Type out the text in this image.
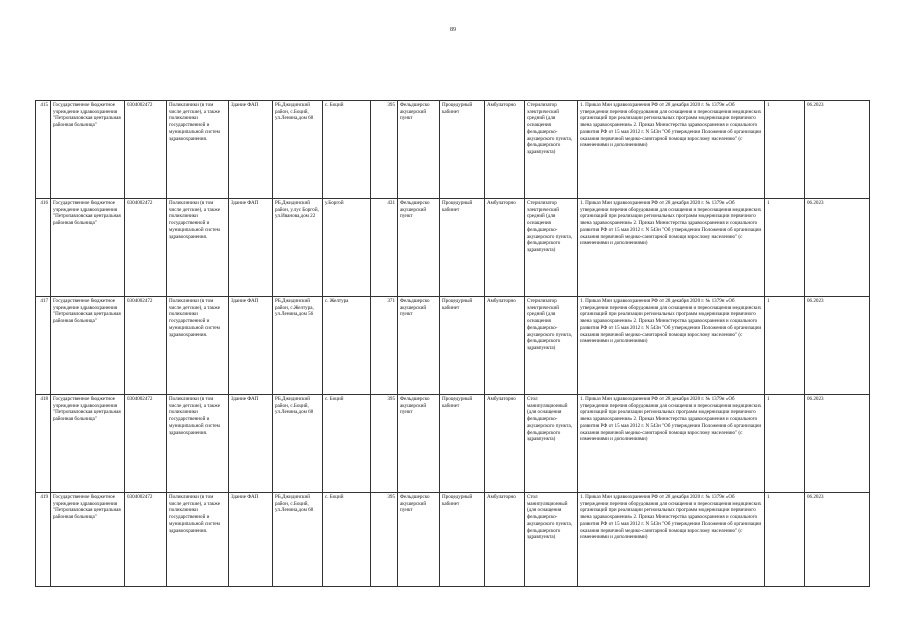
89
415	Государственное бюджетное учреждение здравоохранения "Петропавловская центральная районная больница"	0304002472	Поликлиники (в том числе детские), а также поликлиники государственной и муниципальной систем здравоохранения.	Здание ФАП	РБ,Джидинский район, с.Бoций, ул.Ленина,дом 68	с. Бoций	395	Фельдшерско акушерский пункт	Процедурный кабинет	Амбулаторно	Стерилизатор электрический средний (для оснащения фельдшерско-акушерского пункта, фельдшерского здравпункта)	1. Приказ Мин здравоохранения РФ от 28 декабря 2020 г. № 1379н «Об утверждении перечня оборудования для оснащения и переоснащения медицинских организаций при реализации региональных программ модернизации первичного звена здравоохранения» 2. Приказ Министерства здравоохранения и социального развития РФ от 15 мая 2012 г. N 543н "Об утверждении Положения об организации оказания первичной медико-санитарной помощи взрослому населению" (с изменениями и дополнениями)	1	06.2023
416	Государственное бюджетное учреждение здравоохранения "Петропавловская центральная районная больница"	0304002472	Поликлиники (в том числе детские), а также поликлиники государственной и муниципальной систем здравоохранения.	Здание ФАП	РБ,Джидинский район, у.лус Боргой, ул.Ивановa,дом 22	у.Боргой	431	Фельдшерско акушерский пункт	Процедурный кабинет	Амбулаторно	Стерилизатор электрический средний (для оснащения фельдшерско-акушерского пункта, фельдшерского здравпункта)	1. Приказ Мин здравоохранения РФ от 28 декабря 2020 г. № 1379н «Об утверждении перечня оборудования для оснащения и переоснащения медицинских организаций при реализации региональных программ модернизации первичного звена здравоохранения» 2. Приказ Министерства здравоохранения и социального развития РФ от 15 мая 2012 г. N 543н "Об утверждении Положения об организации оказания первичной медико-санитарной помощи взрослому населению" (с изменениями и дополнениями)	1	06.2023
417	Государственное бюджетное учреждение здравоохранения "Петропавловская центральная районная больница"	0304002472	Поликлиники (в том числе детские), а также поликлиники государственной и муниципальной систем здравоохранения.	Здание ФАП	РБ,Джидинский район, с.Желтура, ул.Ленина,дом 56	с. Желтура	371	Фельдшерско акушерский пункт	Процедурный кабинет	Амбулаторно	Стерилизатор электрический средний (для оснащения фельдшерско-акушерского пункта, фельдшерского здравпункта)	1. Приказ Мин здравоохранения РФ от 28 декабря 2020 г. № 1379н «Об утверждении перечня оборудования для оснащения и переоснащения медицинских организаций при реализации региональных программ модернизации первичного звена здравоохранения» 2. Приказ Министерства здравоохранения и социального развития РФ от 15 мая 2012 г. N 543н "Об утверждении Положения об организации оказания первичной медико-санитарной помощи взрослому населению" (с изменениями и дополнениями)	1	06.2023
418	Государственное бюджетное учреждение здравоохранения "Петропавловская центральная районная больница"	0304002472	Поликлиники (в том числе детские), а также поликлиники государственной и муниципальной систем здравоохранения.	Здание ФАП	РБ,Джидинский район, с.Бoций, ул.Ленина,дом 68	с. Бoций	395	Фельдшерско акушерский пункт	Процедурный кабинет	Амбулаторно	Стол манипуляционный (для оснащения фельдшерско-акушерского пункта, фельдшерского здравпункта)	1. Приказ Мин здравоохранения РФ от 28 декабря 2020 г. № 1379н «Об утверждении перечня оборудования для оснащения и переоснащения медицинских организаций при реализации региональных программ модернизации первичного звена здравоохранения» 2. Приказ Министерства здравоохранения и социального развития РФ от 15 мая 2012 г. N 543н "Об утверждении Положения об организации оказания первичной медико-санитарной помощи взрослому населению" (с изменениями и дополнениями)	1	06.2023
419	Государственное бюджетное учреждение здравоохранения "Петропавловская центральная районная больница"	0304002472	Поликлиники (в том числе детские), а также поликлиники государственной и муниципальной систем здравоохранения.	Здание ФАП	РБ,Джидинский район, с.Бoций, ул.Ленина,дом 68	с. Бoций	395	Фельдшерско акушерский пункт	Процедурный кабинет	Амбулаторно	Стол манипуляционный (для оснащения фельдшерско-акушерского пункта, фельдшерского здравпункта)	1. Приказ Мин здравоохранения РФ от 28 декабря 2020 г. № 1379н «Об утверждении перечня оборудования для оснащения и переоснащения медицинских организаций при реализации региональных программ модернизации первичного звена здравоохранения» 2. Приказ Министерства здравоохранения и социального развития РФ от 15 мая 2012 г. N 543н "Об утверждении Положения об организации оказания первичной медико-санитарной помощи взрослому населению" (с изменениями и дополнениями)	1	06.2023
